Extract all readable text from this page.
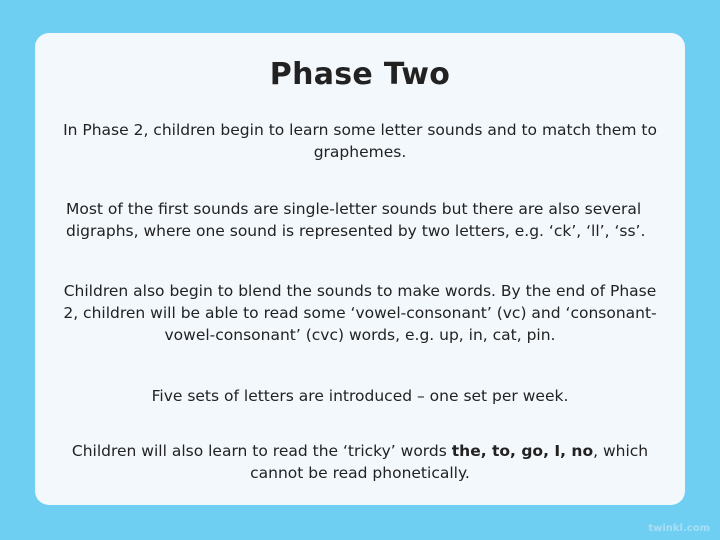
Phase Two

In Phase 2, children begin to learn some letter sounds and to match them to graphemes.

Most of the first sounds are single-letter sounds but there are also several digraphs, where one sound is represented by two letters, e.g. ‘ck’, ‘ll’, ‘ss’.

Children also begin to blend the sounds to make words. By the end of Phase 2, children will be able to read some ‘vowel-consonant’ (vc) and ‘consonant-vowel-consonant’ (cvc) words, e.g. up, in, cat, pin.

Five sets of letters are introduced – one set per week.

Children will also learn to read the ‘tricky’ words the, to, go, I, no, which cannot be read phonetically.

twinkl.com
